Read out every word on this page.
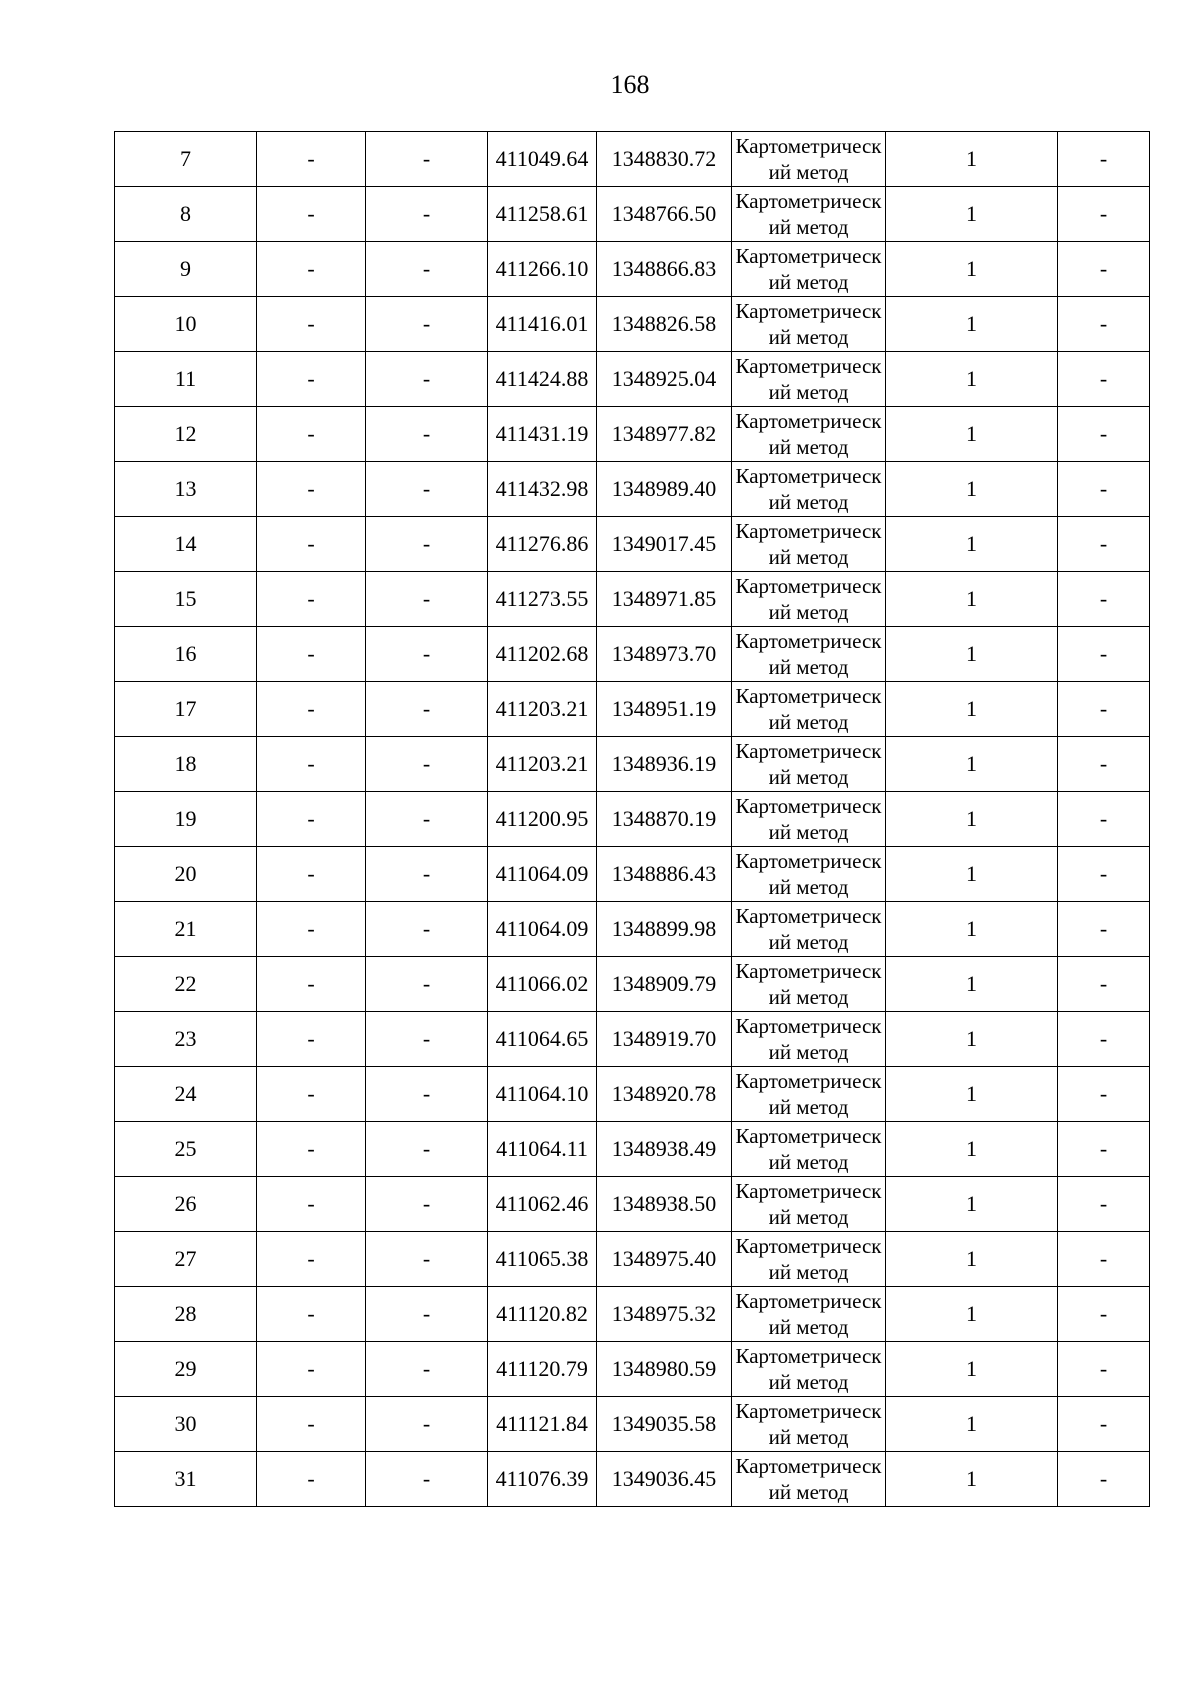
168
7	-	-	411049.64	1348830.72	Картометрический метод	1	-
8	-	-	411258.61	1348766.50	Картометрический метод	1	-
9	-	-	411266.10	1348866.83	Картометрический метод	1	-
10	-	-	411416.01	1348826.58	Картометрический метод	1	-
11	-	-	411424.88	1348925.04	Картометрический метод	1	-
12	-	-	411431.19	1348977.82	Картометрический метод	1	-
13	-	-	411432.98	1348989.40	Картометрический метод	1	-
14	-	-	411276.86	1349017.45	Картометрический метод	1	-
15	-	-	411273.55	1348971.85	Картометрический метод	1	-
16	-	-	411202.68	1348973.70	Картометрический метод	1	-
17	-	-	411203.21	1348951.19	Картометрический метод	1	-
18	-	-	411203.21	1348936.19	Картометрический метод	1	-
19	-	-	411200.95	1348870.19	Картометрический метод	1	-
20	-	-	411064.09	1348886.43	Картометрический метод	1	-
21	-	-	411064.09	1348899.98	Картометрический метод	1	-
22	-	-	411066.02	1348909.79	Картометрический метод	1	-
23	-	-	411064.65	1348919.70	Картометрический метод	1	-
24	-	-	411064.10	1348920.78	Картометрический метод	1	-
25	-	-	411064.11	1348938.49	Картометрический метод	1	-
26	-	-	411062.46	1348938.50	Картометрический метод	1	-
27	-	-	411065.38	1348975.40	Картометрический метод	1	-
28	-	-	411120.82	1348975.32	Картометрический метод	1	-
29	-	-	411120.79	1348980.59	Картометрический метод	1	-
30	-	-	411121.84	1349035.58	Картометрический метод	1	-
31	-	-	411076.39	1349036.45	Картометрический метод	1	-
